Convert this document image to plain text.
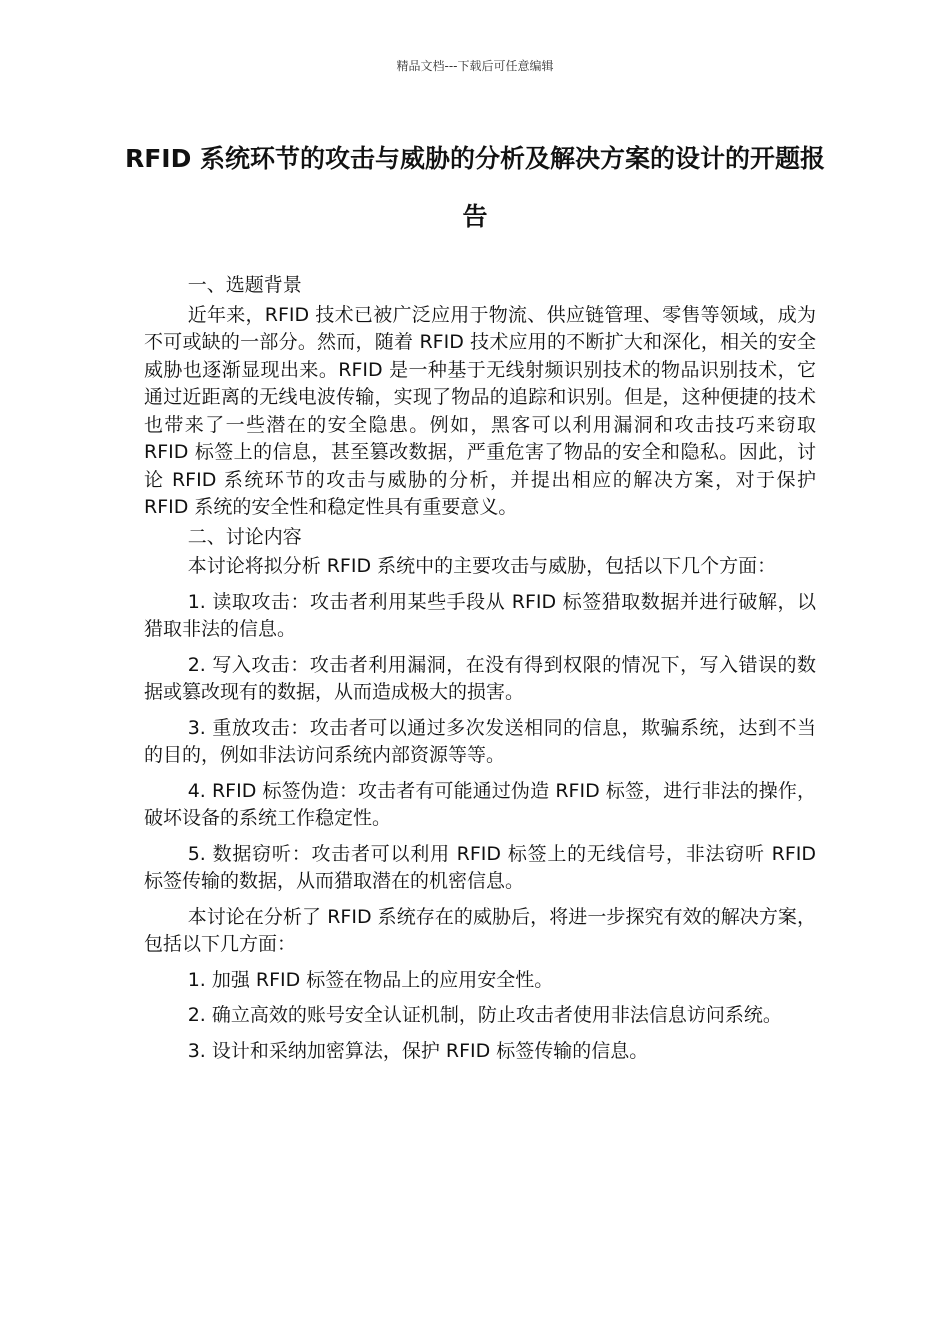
精品文档---下载后可任意编辑
RFID 系统环节的攻击与威胁的分析及解决方案的设计的开题报告

一、选题背景

近年来，RFID 技术已被广泛应用于物流、供应链管理、零售等领域，成为不可或缺的一部分。然而，随着 RFID 技术应用的不断扩大和深化，相关的安全威胁也逐渐显现出来。RFID 是一种基于无线射频识别技术的物品识别技术，它通过近距离的无线电波传输，实现了物品的追踪和识别。但是，这种便捷的技术也带来了一些潜在的安全隐患。例如，黑客可以利用漏洞和攻击技巧来窃取 RFID 标签上的信息，甚至篡改数据，严重危害了物品的安全和隐私。因此，讨论 RFID 系统环节的攻击与威胁的分析，并提出相应的解决方案，对于保护 RFID 系统的安全性和稳定性具有重要意义。

二、讨论内容

本讨论将拟分析 RFID 系统中的主要攻击与威胁，包括以下几个方面：

1. 读取攻击：攻击者利用某些手段从 RFID 标签猎取数据并进行破解，以猎取非法的信息。

2. 写入攻击：攻击者利用漏洞，在没有得到权限的情况下，写入错误的数据或篡改现有的数据，从而造成极大的损害。

3. 重放攻击：攻击者可以通过多次发送相同的信息，欺骗系统，达到不当的目的，例如非法访问系统内部资源等等。

4. RFID 标签伪造：攻击者有可能通过伪造 RFID 标签，进行非法的操作，破坏设备的系统工作稳定性。

5. 数据窃听：攻击者可以利用 RFID 标签上的无线信号，非法窃听 RFID 标签传输的数据，从而猎取潜在的机密信息。

本讨论在分析了 RFID 系统存在的威胁后，将进一步探究有效的解决方案，包括以下几方面：

1. 加强 RFID 标签在物品上的应用安全性。

2. 确立高效的账号安全认证机制，防止攻击者使用非法信息访问系统。

3. 设计和采纳加密算法，保护 RFID 标签传输的信息。
